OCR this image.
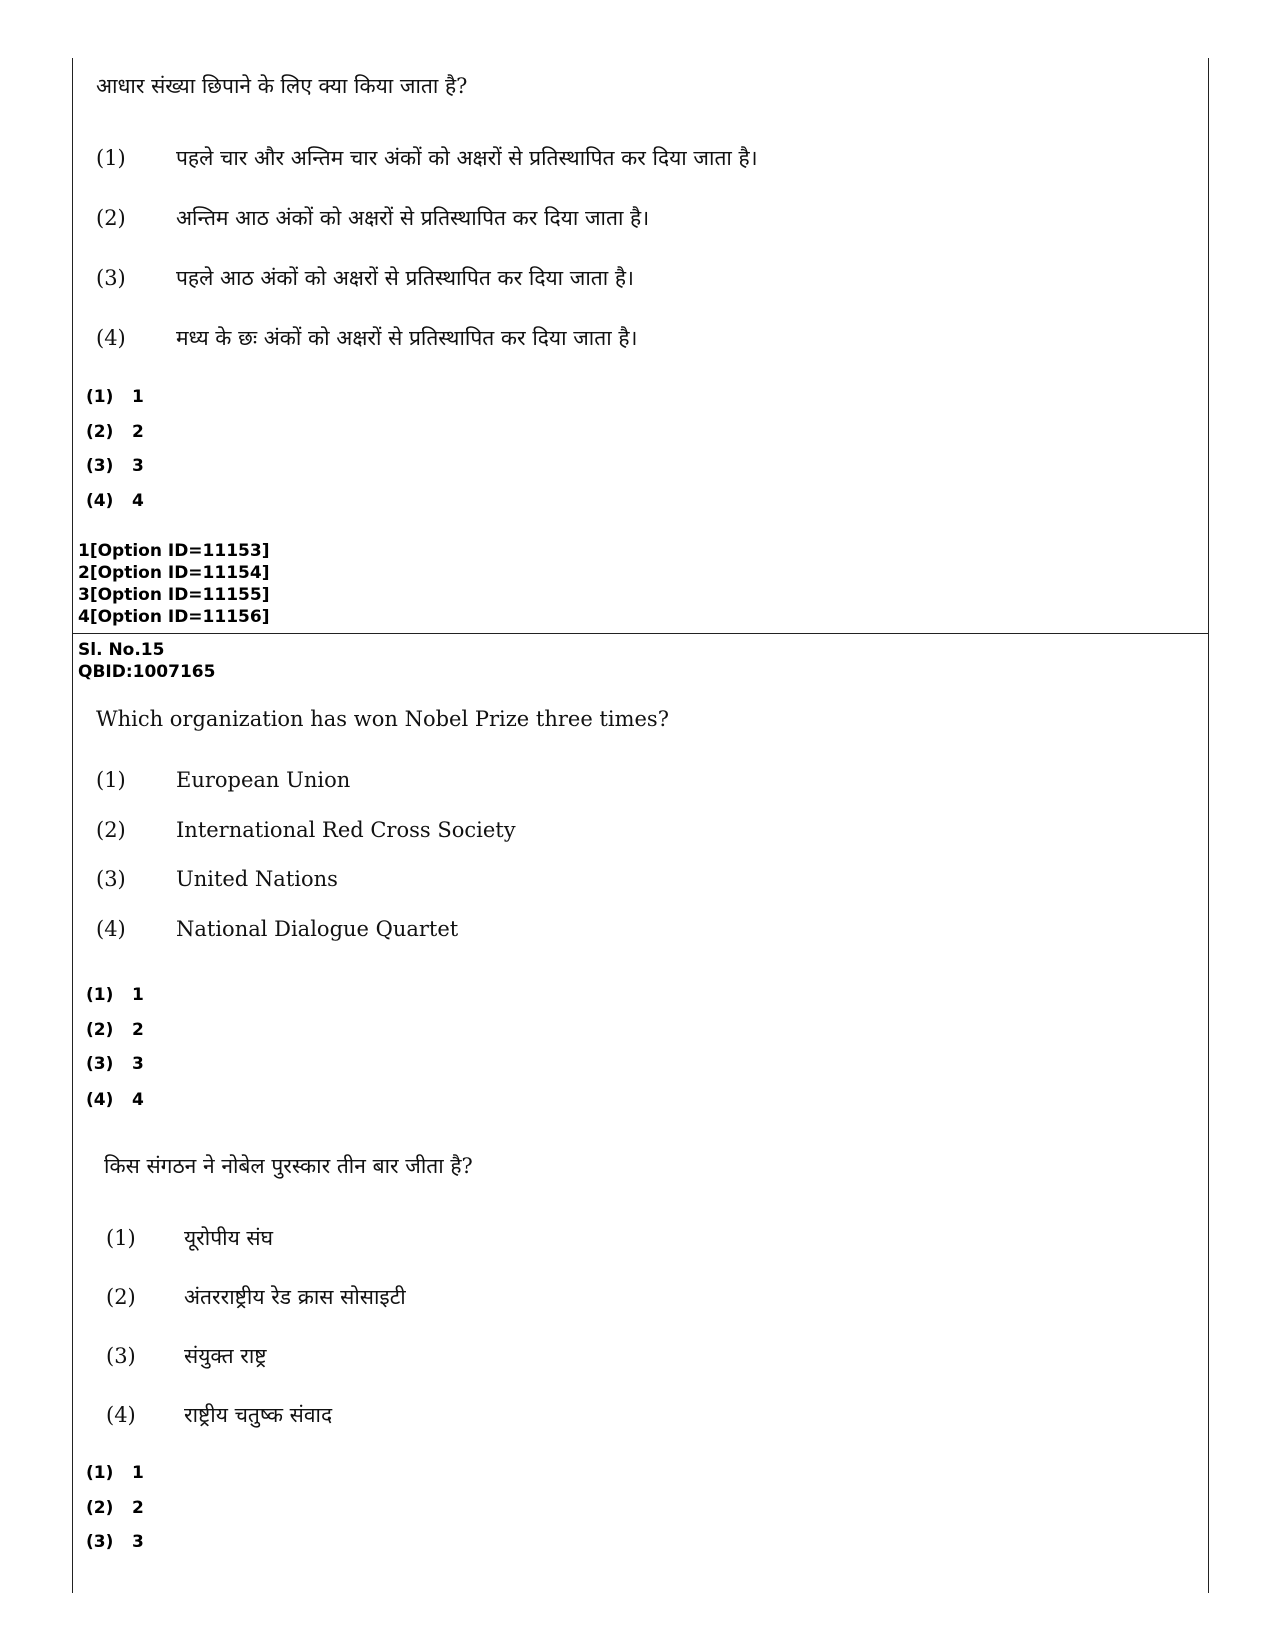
आधार संख्या छिपाने के लिए क्या किया जाता है?
(1) पहले चार और अन्तिम चार अंकों को अक्षरों से प्रतिस्थापित कर दिया जाता है।
(2) अन्तिम आठ अंकों को अक्षरों से प्रतिस्थापित कर दिया जाता है।
(3) पहले आठ अंकों को अक्षरों से प्रतिस्थापित कर दिया जाता है।
(4) मध्य के छः अंकों को अक्षरों से प्रतिस्थापित कर दिया जाता है।
(1) 1
(2) 2
(3) 3
(4) 4
1[Option ID=11153]
2[Option ID=11154]
3[Option ID=11155]
4[Option ID=11156]
Sl. No.15
QBID:1007165
Which organization has won Nobel Prize three times?
(1) European Union
(2) International Red Cross Society
(3) United Nations
(4) National Dialogue Quartet
(1) 1
(2) 2
(3) 3
(4) 4
किस संगठन ने नोबेल पुरस्कार तीन बार जीता है?
(1) यूरोपीय संघ
(2) अंतरराष्ट्रीय रेड क्रास सोसाइटी
(3) संयुक्त राष्ट्र
(4) राष्ट्रीय चतुष्क संवाद
(1) 1
(2) 2
(3) 3
